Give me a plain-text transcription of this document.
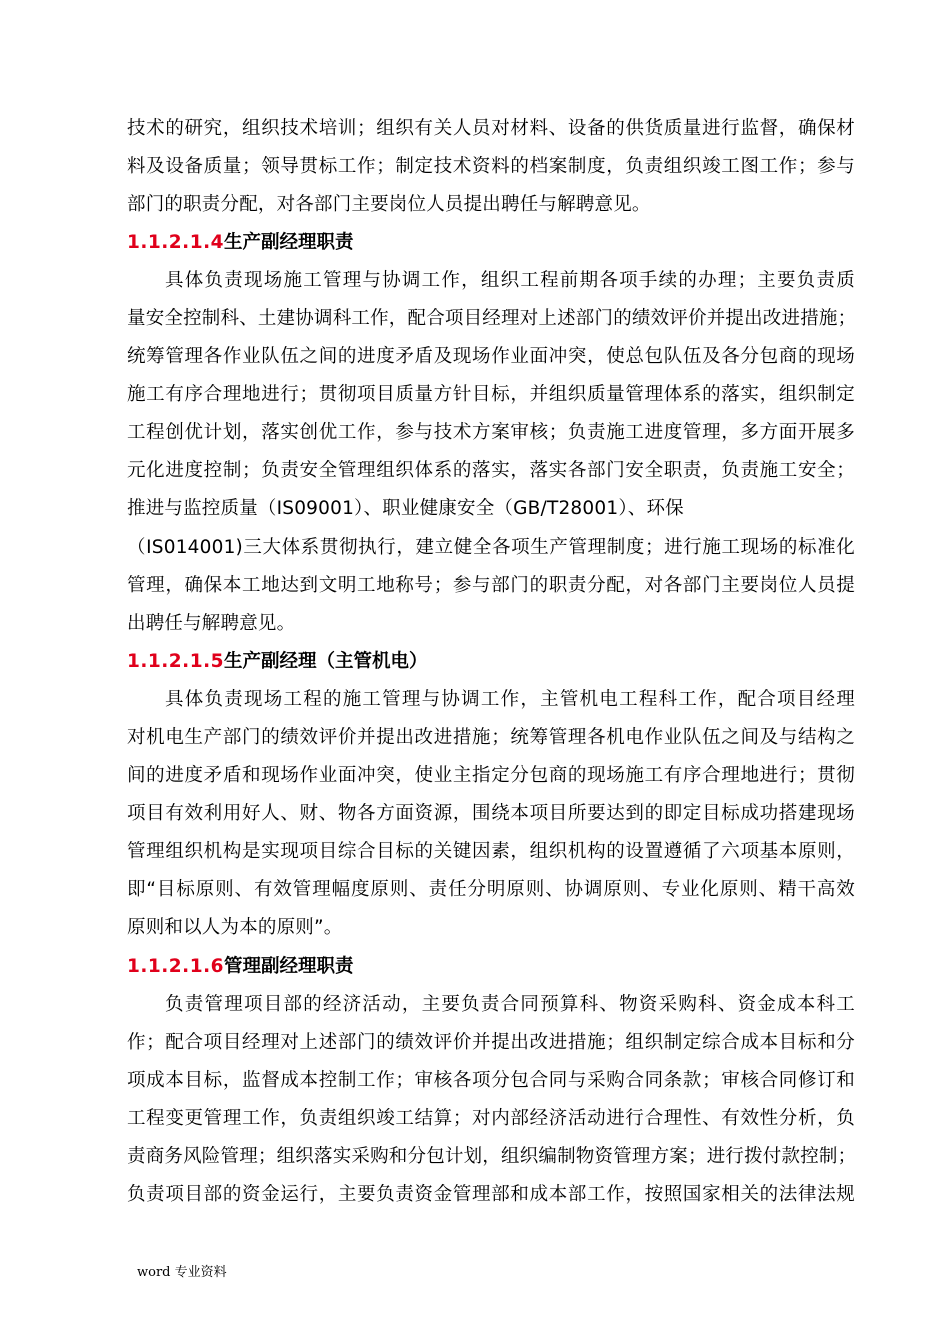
技术的研究，组织技术培训；组织有关人员对材料、设备的供货质量进行监督，确保材
料及设备质量；领导贯标工作；制定技术资料的档案制度，负责组织竣工图工作；参与
部门的职责分配，对各部门主要岗位人员提出聘任与解聘意见。
1.1.2.1.4生产副经理职责
具体负责现场施工管理与协调工作，组织工程前期各项手续的办理；主要负责质
量安全控制科、土建协调科工作，配合项目经理对上述部门的绩效评价并提出改进措施；
统筹管理各作业队伍之间的进度矛盾及现场作业面冲突，使总包队伍及各分包商的现场
施工有序合理地进行；贯彻项目质量方针目标，并组织质量管理体系的落实，组织制定
工程创优计划，落实创优工作，参与技术方案审核；负责施工进度管理，多方面开展多
元化进度控制；负责安全管理组织体系的落实，落实各部门安全职责，负责施工安全；
推进与监控质量（IS09001）、职业健康安全（GB/T28001）、环保
（IS014001)三大体系贯彻执行，建立健全各项生产管理制度；进行施工现场的标准化
管理，确保本工地达到文明工地称号；参与部门的职责分配，对各部门主要岗位人员提
出聘任与解聘意见。
1.1.2.1.5生产副经理（主管机电）
具体负责现场工程的施工管理与协调工作，主管机电工程科工作，配合项目经理
对机电生产部门的绩效评价并提出改进措施；统筹管理各机电作业队伍之间及与结构之
间的进度矛盾和现场作业面冲突，使业主指定分包商的现场施工有序合理地进行；贯彻
项目有效利用好人、财、物各方面资源，围绕本项目所要达到的即定目标成功搭建现场
管理组织机构是实现项目综合目标的关键因素，组织机构的设置遵循了六项基本原则，
即“目标原则、有效管理幅度原则、责任分明原则、协调原则、专业化原则、精干高效
原则和以人为本的原则”。
1.1.2.1.6管理副经理职责
负责管理项目部的经济活动，主要负责合同预算科、物资采购科、资金成本科工
作；配合项目经理对上述部门的绩效评价并提出改进措施；组织制定综合成本目标和分
项成本目标，监督成本控制工作；审核各项分包合同与采购合同条款；审核合同修订和
工程变更管理工作，负责组织竣工结算；对内部经济活动进行合理性、有效性分析，负
责商务风险管理；组织落实采购和分包计划，组织编制物资管理方案；进行拨付款控制；
负责项目部的资金运行，主要负责资金管理部和成本部工作，按照国家相关的法律法规
word 专业资料
